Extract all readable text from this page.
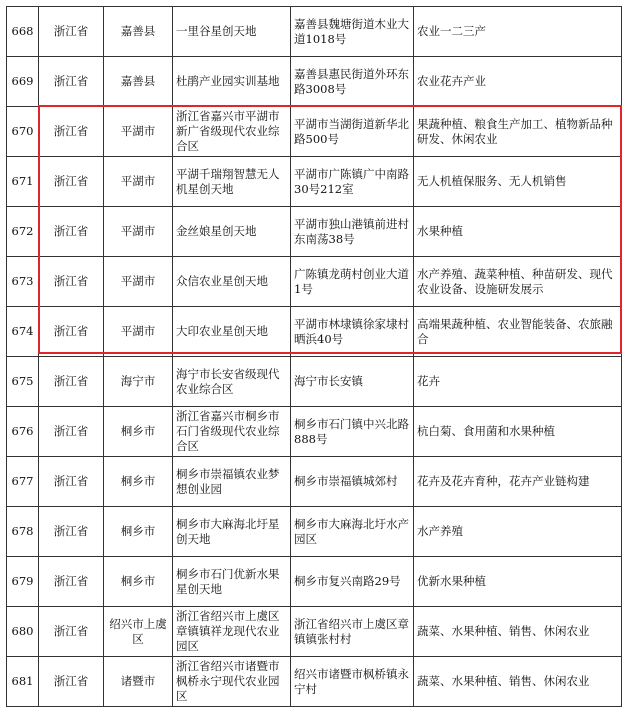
668	浙江省	嘉善县	一里谷星创天地	嘉善县魏塘街道木业大道1018号	农业一二三产
669	浙江省	嘉善县	杜鹃产业园实训基地	嘉善县惠民街道外环东路3008号	农业花卉产业
670	浙江省	平湖市	浙江省嘉兴市平湖市新广省级现代农业综合区	平湖市当湖街道新华北路500号	果蔬种植、粮食生产加工、植物新品种研发、休闲农业
671	浙江省	平湖市	平湖千瑞翔智慧无人机星创天地	平湖市广陈镇广中南路30号212室	无人机植保服务、无人机销售
672	浙江省	平湖市	金丝娘星创天地	平湖市独山港镇前进村东南荡38号	水果种植
673	浙江省	平湖市	众信农业星创天地	广陈镇龙萌村创业大道1号	水产养殖、蔬菜种植、种苗研发、现代农业设备、设施研发展示
674	浙江省	平湖市	大印农业星创天地	平湖市林埭镇徐家埭村晒浜40号	高端果蔬种植、农业智能装备、农旅融合
675	浙江省	海宁市	海宁市长安省级现代农业综合区	海宁市长安镇	花卉
676	浙江省	桐乡市	浙江省嘉兴市桐乡市石门省级现代农业综合区	桐乡市石门镇中兴北路888号	杭白菊、食用菌和水果种植
677	浙江省	桐乡市	桐乡市崇福镇农业梦想创业园	桐乡市崇福镇城郊村	花卉及花卉育种，花卉产业链构建
678	浙江省	桐乡市	桐乡市大麻海北圩星创天地	桐乡市大麻海北圩水产园区	水产养殖
679	浙江省	桐乡市	桐乡市石门优新水果星创天地	桐乡市复兴南路29号	优新水果种植
680	浙江省	绍兴市上虞区	浙江省绍兴市上虞区章镇镇祥龙现代农业园区	浙江省绍兴市上虞区章镇镇张村村	蔬菜、水果种植、销售、休闲农业
681	浙江省	诸暨市	浙江省绍兴市诸暨市枫桥永宁现代农业园区	绍兴市诸暨市枫桥镇永宁村	蔬菜、水果种植、销售、休闲农业
